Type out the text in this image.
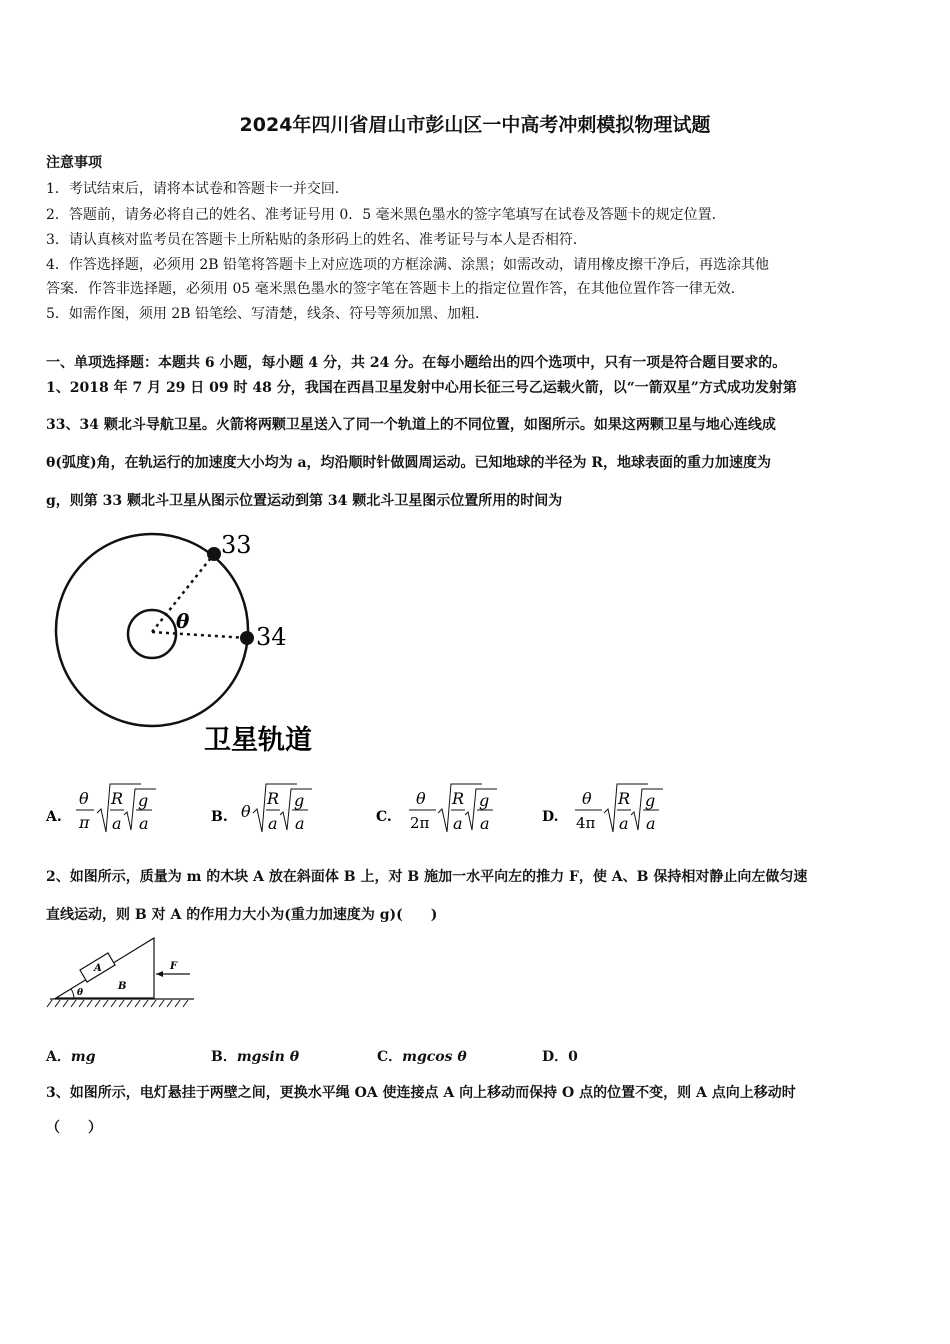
2024年四川省眉山市彭山区一中高考冲刺模拟物理试题
注意事项
1．考试结束后，请将本试卷和答题卡一并交回．
2．答题前，请务必将自己的姓名、准考证号用 0．5 毫米黑色墨水的签字笔填写在试卷及答题卡的规定位置．
3．请认真核对监考员在答题卡上所粘贴的条形码上的姓名、准考证号与本人是否相符．
4．作答选择题，必须用 2B 铅笔将答题卡上对应选项的方框涂满、涂黑；如需改动，请用橡皮擦干净后，再选涂其他
答案．作答非选择题，必须用 05 毫米黑色墨水的签字笔在答题卡上的指定位置作答，在其他位置作答一律无效．
5．如需作图，须用 2B 铅笔绘、写清楚，线条、符号等须加黑、加粗．
一、单项选择题：本题共 6 小题，每小题 4 分，共 24 分。在每小题给出的四个选项中，只有一项是符合题目要求的。
1、2018 年 7 月 29 日 09 时 48 分，我国在西昌卫星发射中心用长征三号乙运载火箭，以“一箭双星”方式成功发射第
33、34 颗北斗导航卫星。火箭将两颗卫星送入了同一个轨道上的不同位置，如图所示。如果这两颗卫星与地心连线成
θ(弧度)角，在轨运行的加速度大小均为 a，均沿顺时针做圆周运动。已知地球的半径为 R，地球表面的重力加速度为
g，则第 33 颗北斗卫星从图示位置运动到第 34 颗北斗卫星图示位置所用的时间为
33
34
θ
卫星轨道
A.
θ
π
R
a
g
a	B. θ
R
a
g
a	C.
θ
2π
R
a
g
a	D.
θ
4π
R
a
g
a
2、如图所示，质量为 m 的木块 A 放在斜面体 B 上，对 B 施加一水平向左的推力 F，使 A、B 保持相对静止向左做匀速
直线运动，则 B 对 A 的作用力大小为(重力加速度为 g)(　　)
A
B
θ
F
A．mg	B．mgsin θ	C．mgcos θ	D．0
3、如图所示，电灯悬挂于两壁之间，更换水平绳 OA 使连接点 A 向上移动而保持 O 点的位置不变，则 A 点向上移动时
（　　）
